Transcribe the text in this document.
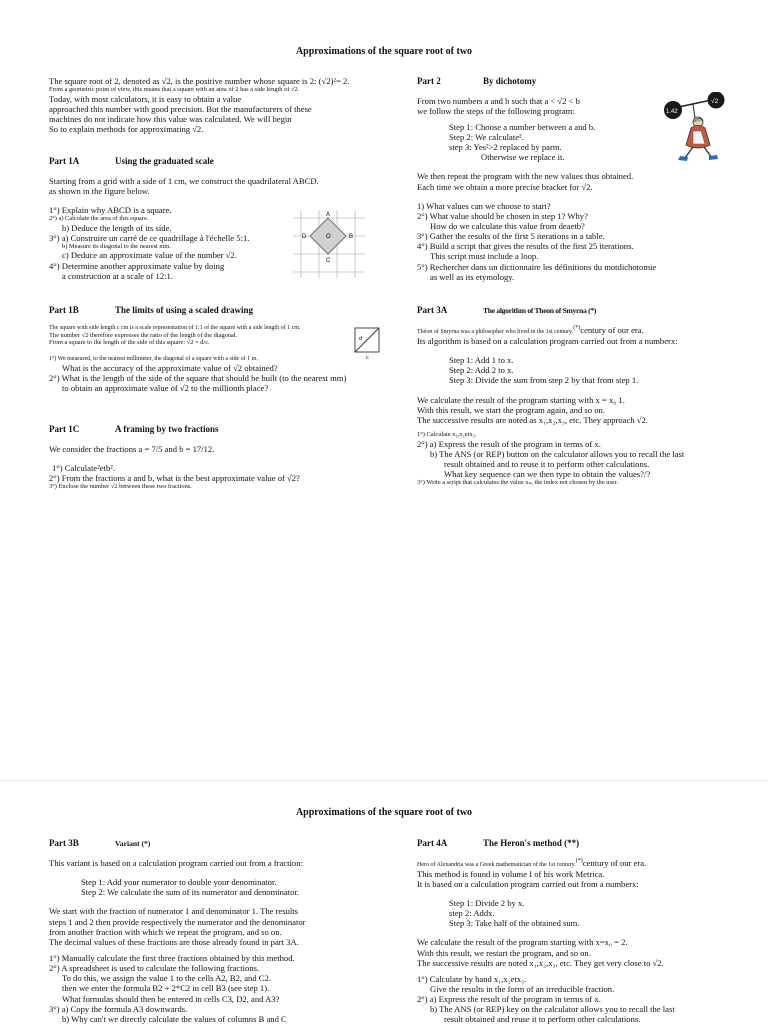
Approximations of the square root of two
The square root of 2, denoted as √2, is the positive number whose square is 2: (√2)²= 2.
From a geometric point of view, this means that a square with an area of 2 has a side length of √2.
Today, with most calculators, it is easy to obtain a value
approached this number with good precision. But the manufacturers of these
machines do not indicate how this value was calculated. We will begin
So to explain methods for approximating √2.
Part 1A	Using the graduated scale
Starting from a grid with a side of 1 cm, we construct the quadrilateral ABCD.
as shown in the figure below.
1°) Explain why ABCD is a square.
2°) a) Calculate the area of this square.
b) Deduce the length of its side.
3°) a) Construire un carré de ce quadrillage à l'échelle 5:1.
b) Measure its diagonal to the nearest mm.
c) Deduce an approximate value of the number √2.
4°) Determine another approximate value by doing
a construction at a scale of 12:1.
A
B
C
D	O
Part 1B	The limits of using a scaled drawing
The square with side length c cm is a scale representation of 1:1 of the square with a side length of 1 cm.
The number √2 therefore expresses the ratio of the length of the diagonal.
From a square to the length of the side of this square: √2 = d/c.
1°) We measured, to the nearest millimeter, the diagonal of a square with a side of 1 m.
What is the accuracy of the approximate value of √2 obtained?
2°) What is the length of the side of the square that should be built (to the nearest mm)
to obtain an approximate value of √2 to the millionth place?
d
c
Part 1C	A framing by two fractions
We consider the fractions a = 7/5 and b = 17/12.
1°) Calculate²etb².
2°) From the fractions a and b, what is the best approximate value of √2?
3°) Enclose the number √2 between these two fractions.
Part 2	By dichotomy
From two numbers a and b such that a < √2 < b
we follow the steps of the following program:
Step 1: Choose a number between a and b.
Step 2: We calculate².
step 3: Yes²>2 replaced by parm.
Otherwise we replace it.
We then repeat the program with the new values thus obtained.
Each time we obtain a more precise bracket for √2.
1) What values can we choose to start?
2°) What value should be chosen in step 1? Why?
How do we calculate this value from deaetb?
3°) Gather the results of the first 5 iterations in a table.
4°) Build a script that gives the results of the first 25 iterations.
This script must include a loop.
5°) Rechercher dans un dictionnaire les définitions du motdichotomie
as well as its etymology.
1.42
√2
Part 3A	The algorithm of Theon of Smyrna (*)
Théon of Smyrna was a philosopher who lived in the 1st century.(*)century of our era.
Its algorithm is based on a calculation program carried out from a numberx:
Step 1: Add 1 to x.
Step 2: Add 2 to x.
Step 3: Divide the sum from step 2 by that from step 1.
We calculate the result of the program starting with x = x₀ 1.
With this result, we start the program again, and so on.
The successive results are noted as x₁,x₂,x₃, etc. They approach √2.
1°) Calculate x₁,x₂etx₃.
2°) a) Express the result of the program in terms of x.
b) The ANS (or REP) button on the calculator allows you to recall the last
result obtained and to reuse it to perform other calculations.
What key sequence can we then type to obtain the values?/?
3°) Write a script that calculates the value xₙ, the index not chosen by the user.
Approximations of the square root of two
Part 3B	Variant (*)
This variant is based on a calculation program carried out from a fraction:
Step 1: Add your numerator to double your denominator.
Step 2: We calculate the sum of its numerator and denominator.
We start with the fraction of numerator 1 and denominator 1. The results
steps 1 and 2 then provide respectively the numerator and the denominator
from another fraction with which we repeat the program, and so on.
The decimal values of these fractions are those already found in part 3A.
1°) Manually calculate the first three fractions obtained by this method.
2°) A spreadsheet is used to calculate the following fractions.
To do this, we assign the value 1 to the cells A2, B2, and C2.
then we enter the formula B2 + 2*C2 in cell B3 (see step 1).
What formulas should then be entered in cells C3, D2, and A3?
3°) a) Copy the formula A3 downwards.
b) Why can't we directly calculate the values of columns B and C
Part 4A	The Heron's method (**)
Hero of Alexandria was a Greek mathematician of the 1st century.(*)century of our era.
This method is found in volume I of his work Metrica.
It is based on a calculation program carried out from a numberx:
Step 1: Divide 2 by x.
step 2: Addx.
Step 3: Take half of the obtained sum.
We calculate the result of the program starting with x=x₀ = 2.
With this result, we restart the program, and so on.
The successive results are noted x₁,x₂,x₃, etc. They get very close to √2.
1°) Calculate by hand x₁,x₂etx₃.
Give the results in the form of an irreducible fraction.
2°) a) Express the result of the program in terms of x.
b) The ANS (or REP) key on the calculator allows you to recall the last
result obtained and reuse it to perform other calculations.
